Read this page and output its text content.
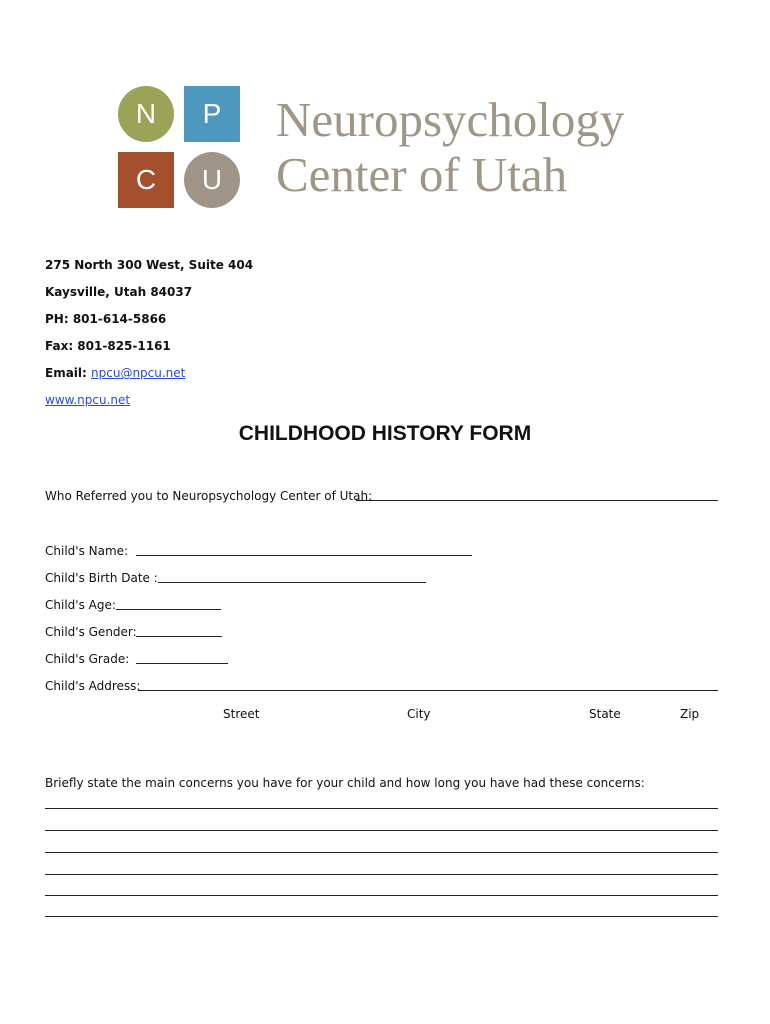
N	P
C	U
Neuropsychology
Center of Utah
275 North 300 West, Suite 404
Kaysville, Utah 84037
PH: 801-614-5866
Fax: 801-825-1161
Email: npcu@npcu.net
www.npcu.net
CHILDHOOD HISTORY FORM
Who Referred you to Neuropsychology Center of Utah:
Child's Name:
Child's Birth Date :
Child's Age:
Child's Gender:
Child's Grade:
Child's Address:
Street	City	State	Zip
Briefly state the main concerns you have for your child and how long you have had these concerns:
